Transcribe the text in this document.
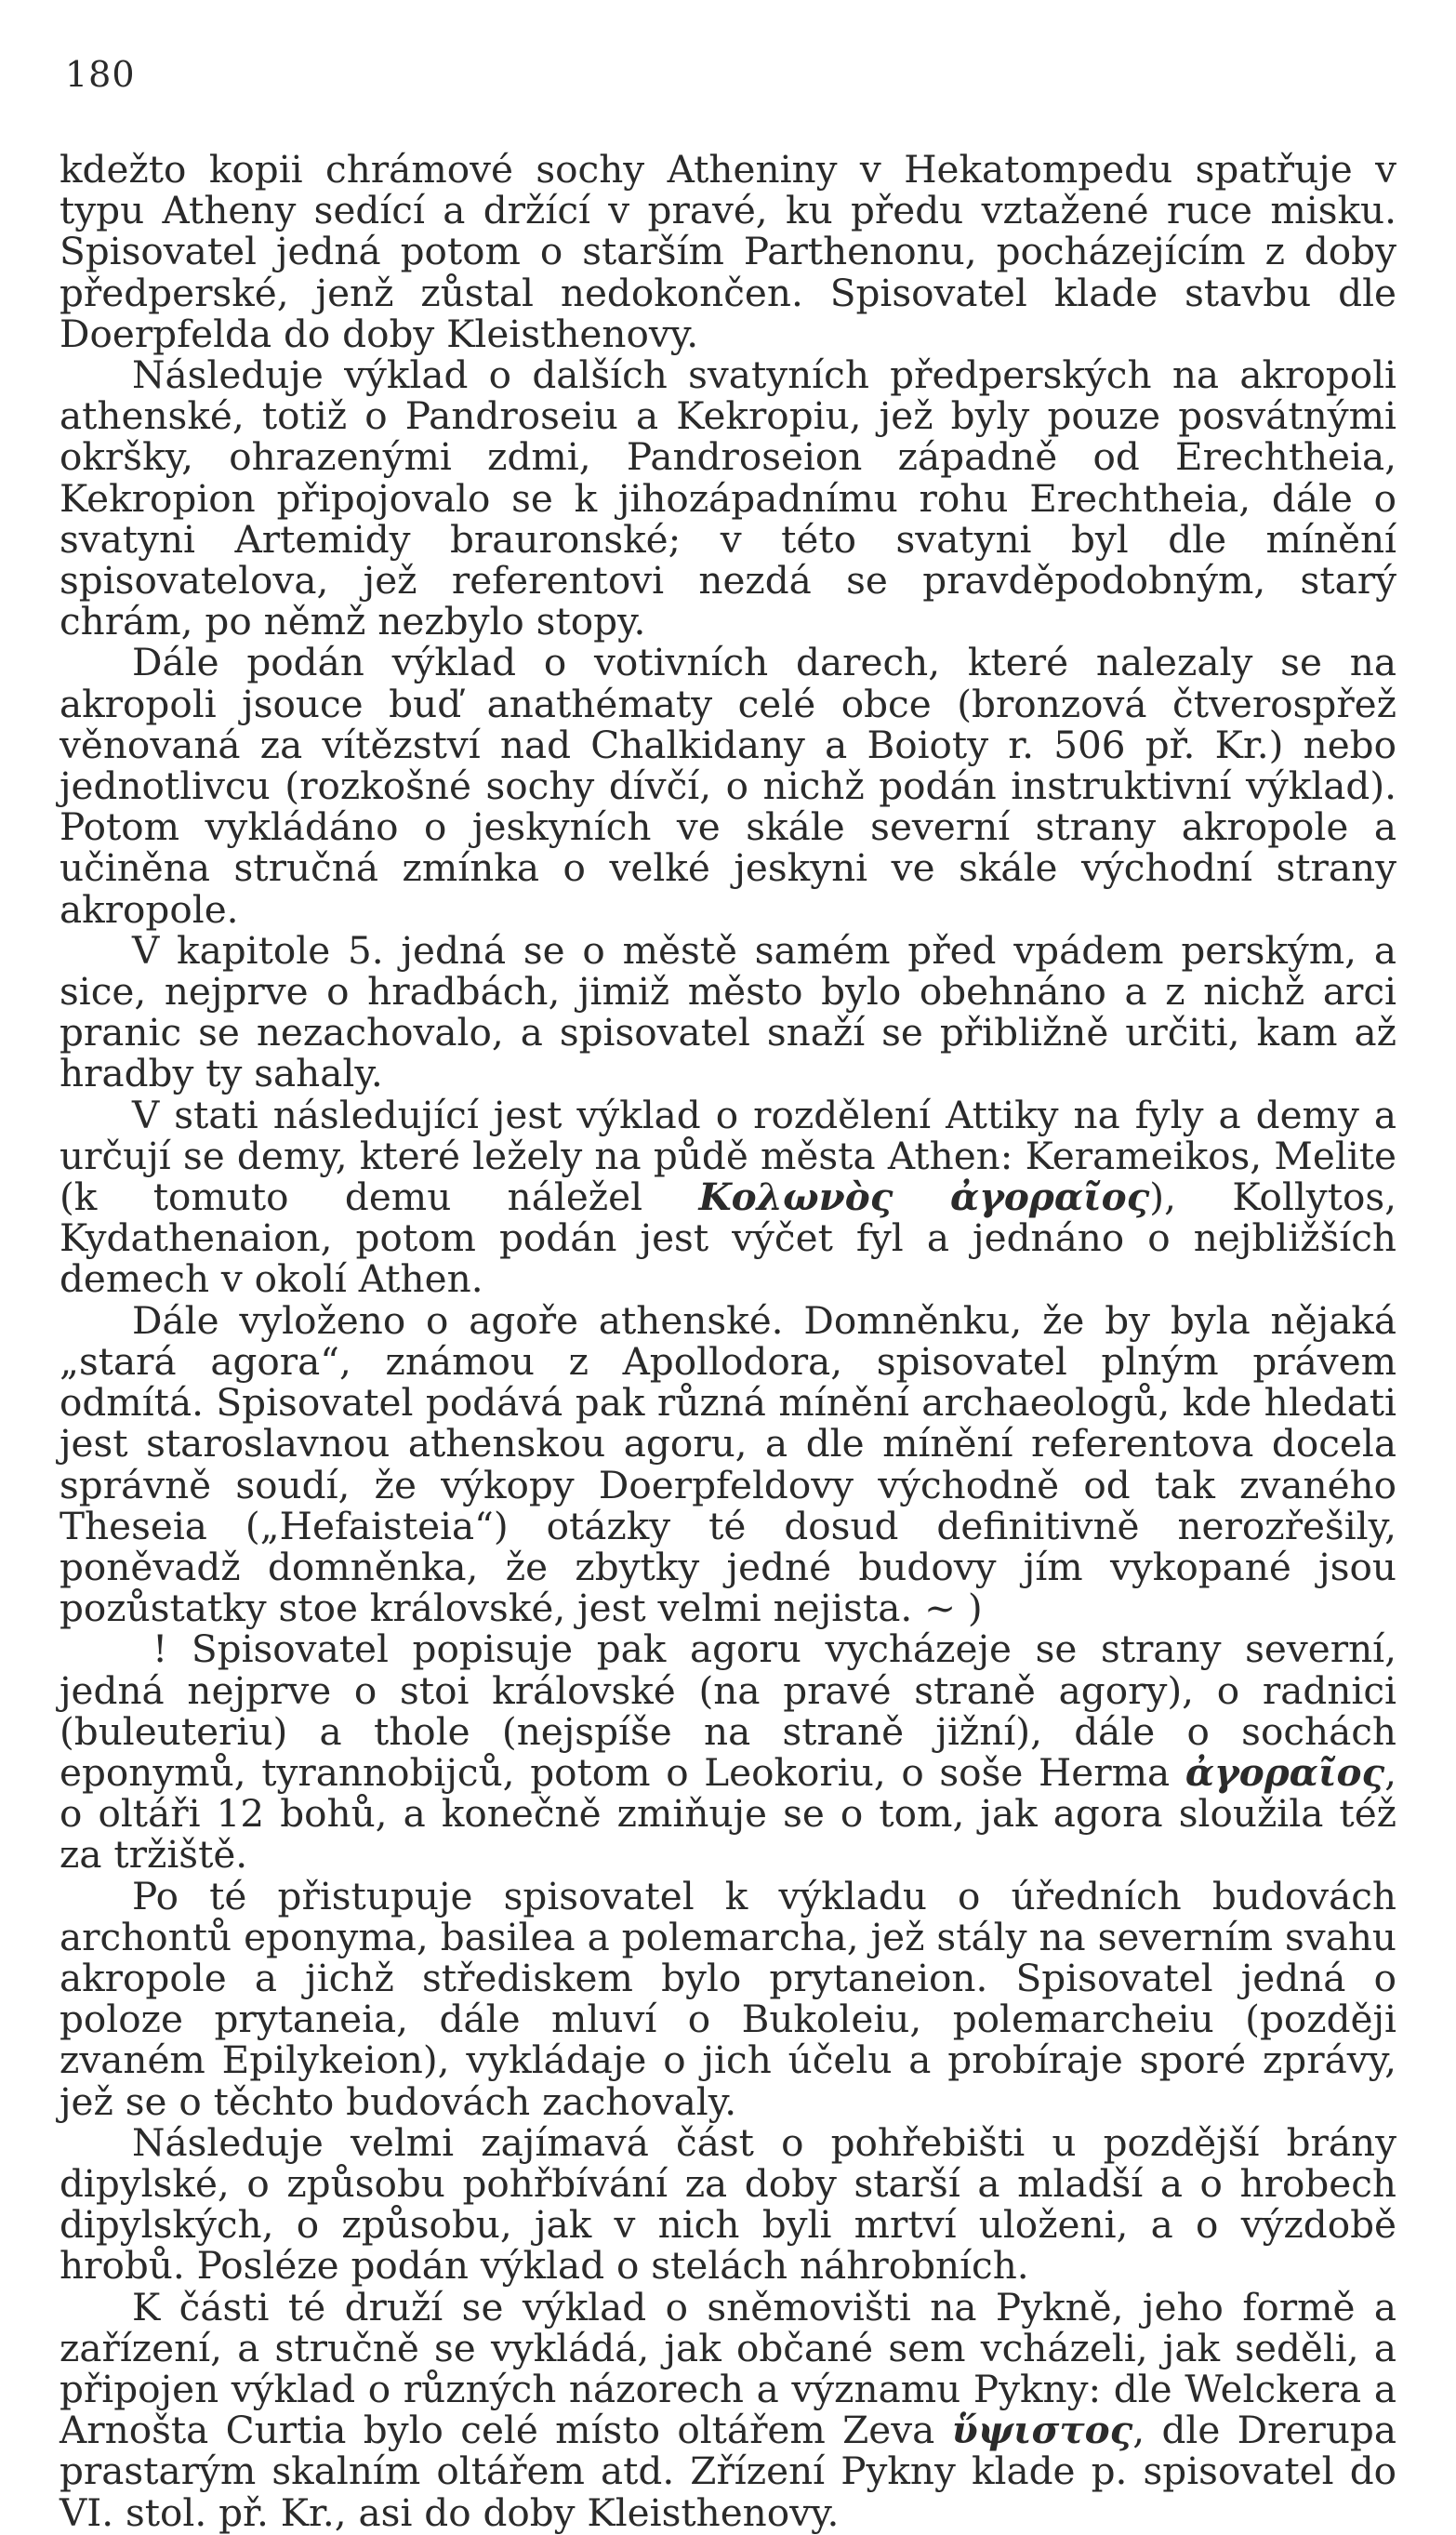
180

kdežto kopii chrámové sochy Atheniny v Hekatompedu spatřuje v typu Atheny sedící a držící v pravé, ku předu vztažené ruce misku. Spisovatel jedná potom o starším Parthenonu, pocházejícím z doby předperské, jenž zůstal nedokončen. Spisovatel klade stavbu dle Doerpfelda do doby Kleisthenovy.

Následuje výklad o dalších svatyních předperských na akropoli athenské, totiž o Pandroseiu a Kekropiu, jež byly pouze posvátnými okršky, ohrazenými zdmi, Pandroseion západně od Erechtheia, Kekropion připojovalo se k jihozápadnímu rohu Erechtheia, dále o svatyni Artemidy brauronské; v této svatyni byl dle mínění spisovatelova, jež referentovi nezdá se pravděpodobným, starý chrám, po němž nezbylo stopy.

Dále podán výklad o votivních darech, které nalezaly se na akropoli jsouce buď anathématy celé obce (bronzová čtverospřež věnovaná za vítězství nad Chalkidany a Boioty r. 506 př. Kr.) nebo jednotlivcu (rozkošné sochy dívčí, o nichž podán instruktivní výklad). Potom vykládáno o jeskyních ve skále severní strany akropole a učiněna stručná zmínka o velké jeskyni ve skále východní strany akropole.

V kapitole 5. jedná se o městě samém před vpádem perským, a sice, nejprve o hradbách, jimiž město bylo obehnáno a z nichž arci pranic se nezachovalo, a spisovatel snaží se přibližně určiti, kam až hradby ty sahaly.

V stati následující jest výklad o rozdělení Attiky na fyly a demy a určují se demy, které ležely na půdě města Athen: Kerameikos, Melite (k tomuto demu náležel Κολωνὸς ἀγοραῖος), Kollytos, Kydathenaion, potom podán jest výčet fyl a jednáno o nejbližších demech v okolí Athen.

Dále vyloženo o agoře athenské. Domněnku, že by byla nějaká „stará agora“, známou z Apollodora, spisovatel plným právem odmítá. Spisovatel podává pak různá mínění archaeologů, kde hledati jest staroslavnou athenskou agoru, a dle mínění referentova docela správně soudí, že výkopy Doerpfeldovy východně od tak zvaného Theseia („Hefaisteia“) otázky té dosud definitivně nerozřešily, poněvadž domněnka, že zbytky jedné budovy jím vykopané jsou pozůstatky stoe královské, jest velmi nejista. ~ )

! Spisovatel popisuje pak agoru vycházeje se strany severní, jedná nejprve o stoi královské (na pravé straně agory), o radnici (buleuteriu) a thole (nejspíše na straně jižní), dále o sochách eponymů, tyrannobijců, potom o Leokoriu, o soše Herma ἀγοραῖος, o oltáři 12 bohů, a konečně zmiňuje se o tom, jak agora sloužila též za tržiště.

Po té přistupuje spisovatel k výkladu o úředních budovách archontů eponyma, basilea a polemarcha, jež stály na severním svahu akropole a jichž střediskem bylo prytaneion. Spisovatel jedná o poloze prytaneia, dále mluví o Bukoleiu, polemarcheiu (později zvaném Epilykeion), vykládaje o jich účelu a probíraje sporé zprávy, jež se o těchto budovách zachovaly.

Následuje velmi zajímavá část o pohřebišti u pozdější brány dipylské, o způsobu pohřbívání za doby starší a mladší a o hrobech dipylských, o způsobu, jak v nich byli mrtví uloženi, a o výzdobě hrobů. Posléze podán výklad o stelách náhrobních.

K části té druží se výklad o sněmovišti na Pykně, jeho formě a zařízení, a stručně se vykládá, jak občané sem vcházeli, jak seděli, a připojen výklad o různých názorech a významu Pykny: dle Welckera a Arnošta Curtia bylo celé místo oltářem Zeva ὕψιστος, dle Drerupa prastarým skalním oltářem atd. Zřízení Pykny klade p. spisovatel do VI. stol. př. Kr., asi do doby Kleisthenovy.
